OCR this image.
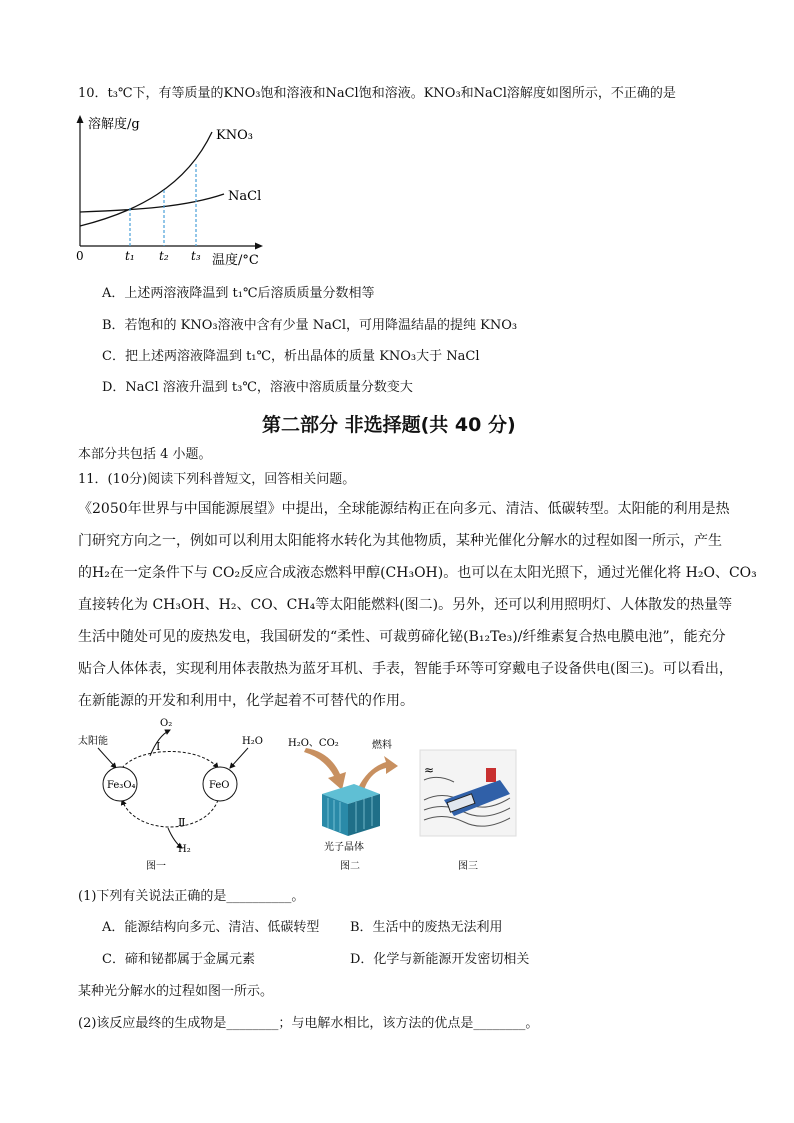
10．t₃℃下，有等质量的KNO₃饱和溶液和NaCl饱和溶液。KNO₃和NaCl溶解度如图所示，不正确的是
溶解度/g
KNO₃
NaCl
0	t₁ t₂ t₃ 温度/°C
A．上述两溶液降温到 t₁℃后溶质质量分数相等
B．若饱和的 KNO₃溶液中含有少量 NaCl，可用降温结晶的提纯 KNO₃
C．把上述两溶液降温到 t₁℃，析出晶体的质量 KNO₃大于 NaCl
D．NaCl 溶液升温到 t₃℃，溶液中溶质质量分数变大
第二部分 非选择题(共 40 分)
本部分共包括 4 小题。
11．(10分)阅读下列科普短文，回答相关问题。
《2050年世界与中国能源展望》中提出，全球能源结构正在向多元、清洁、低碳转型。太阳能的利用是热
门研究方向之一，例如可以利用太阳能将水转化为其他物质，某种光催化分解水的过程如图一所示，产生
的H₂在一定条件下与 CO₂反应合成液态燃料甲醇(CH₃OH)。也可以在太阳光照下，通过光催化将 H₂O、CO₃
直接转化为 CH₃OH、H₂、CO、CH₄等太阳能燃料(图二)。另外，还可以利用照明灯、人体散发的热量等
生活中随处可见的废热发电，我国研发的“柔性、可裁剪碲化铋(B₁₂Te₃)/纤维素复合热电膜电池”，能充分
贴合人体体表，实现利用体表散热为蓝牙耳机、手表，智能手环等可穿戴电子设备供电(图三)。可以看出，
在新能源的开发和利用中，化学起着不可替代的作用。
太阳能
O₂
H₂O
Fe₃O₄	FeO
Ⅰ
Ⅱ
H₂
图一
H₂O、CO₂	燃料
光子晶体
图二
≈
图三
(1)下列有关说法正确的是__________。
A．能源结构向多元、清洁、低碳转型 B．生活中的废热无法利用
C．碲和铋都属于金属元素	D．化学与新能源开发密切相关
某种光分解水的过程如图一所示。
(2)该反应最终的生成物是________；与电解水相比，该方法的优点是________。
